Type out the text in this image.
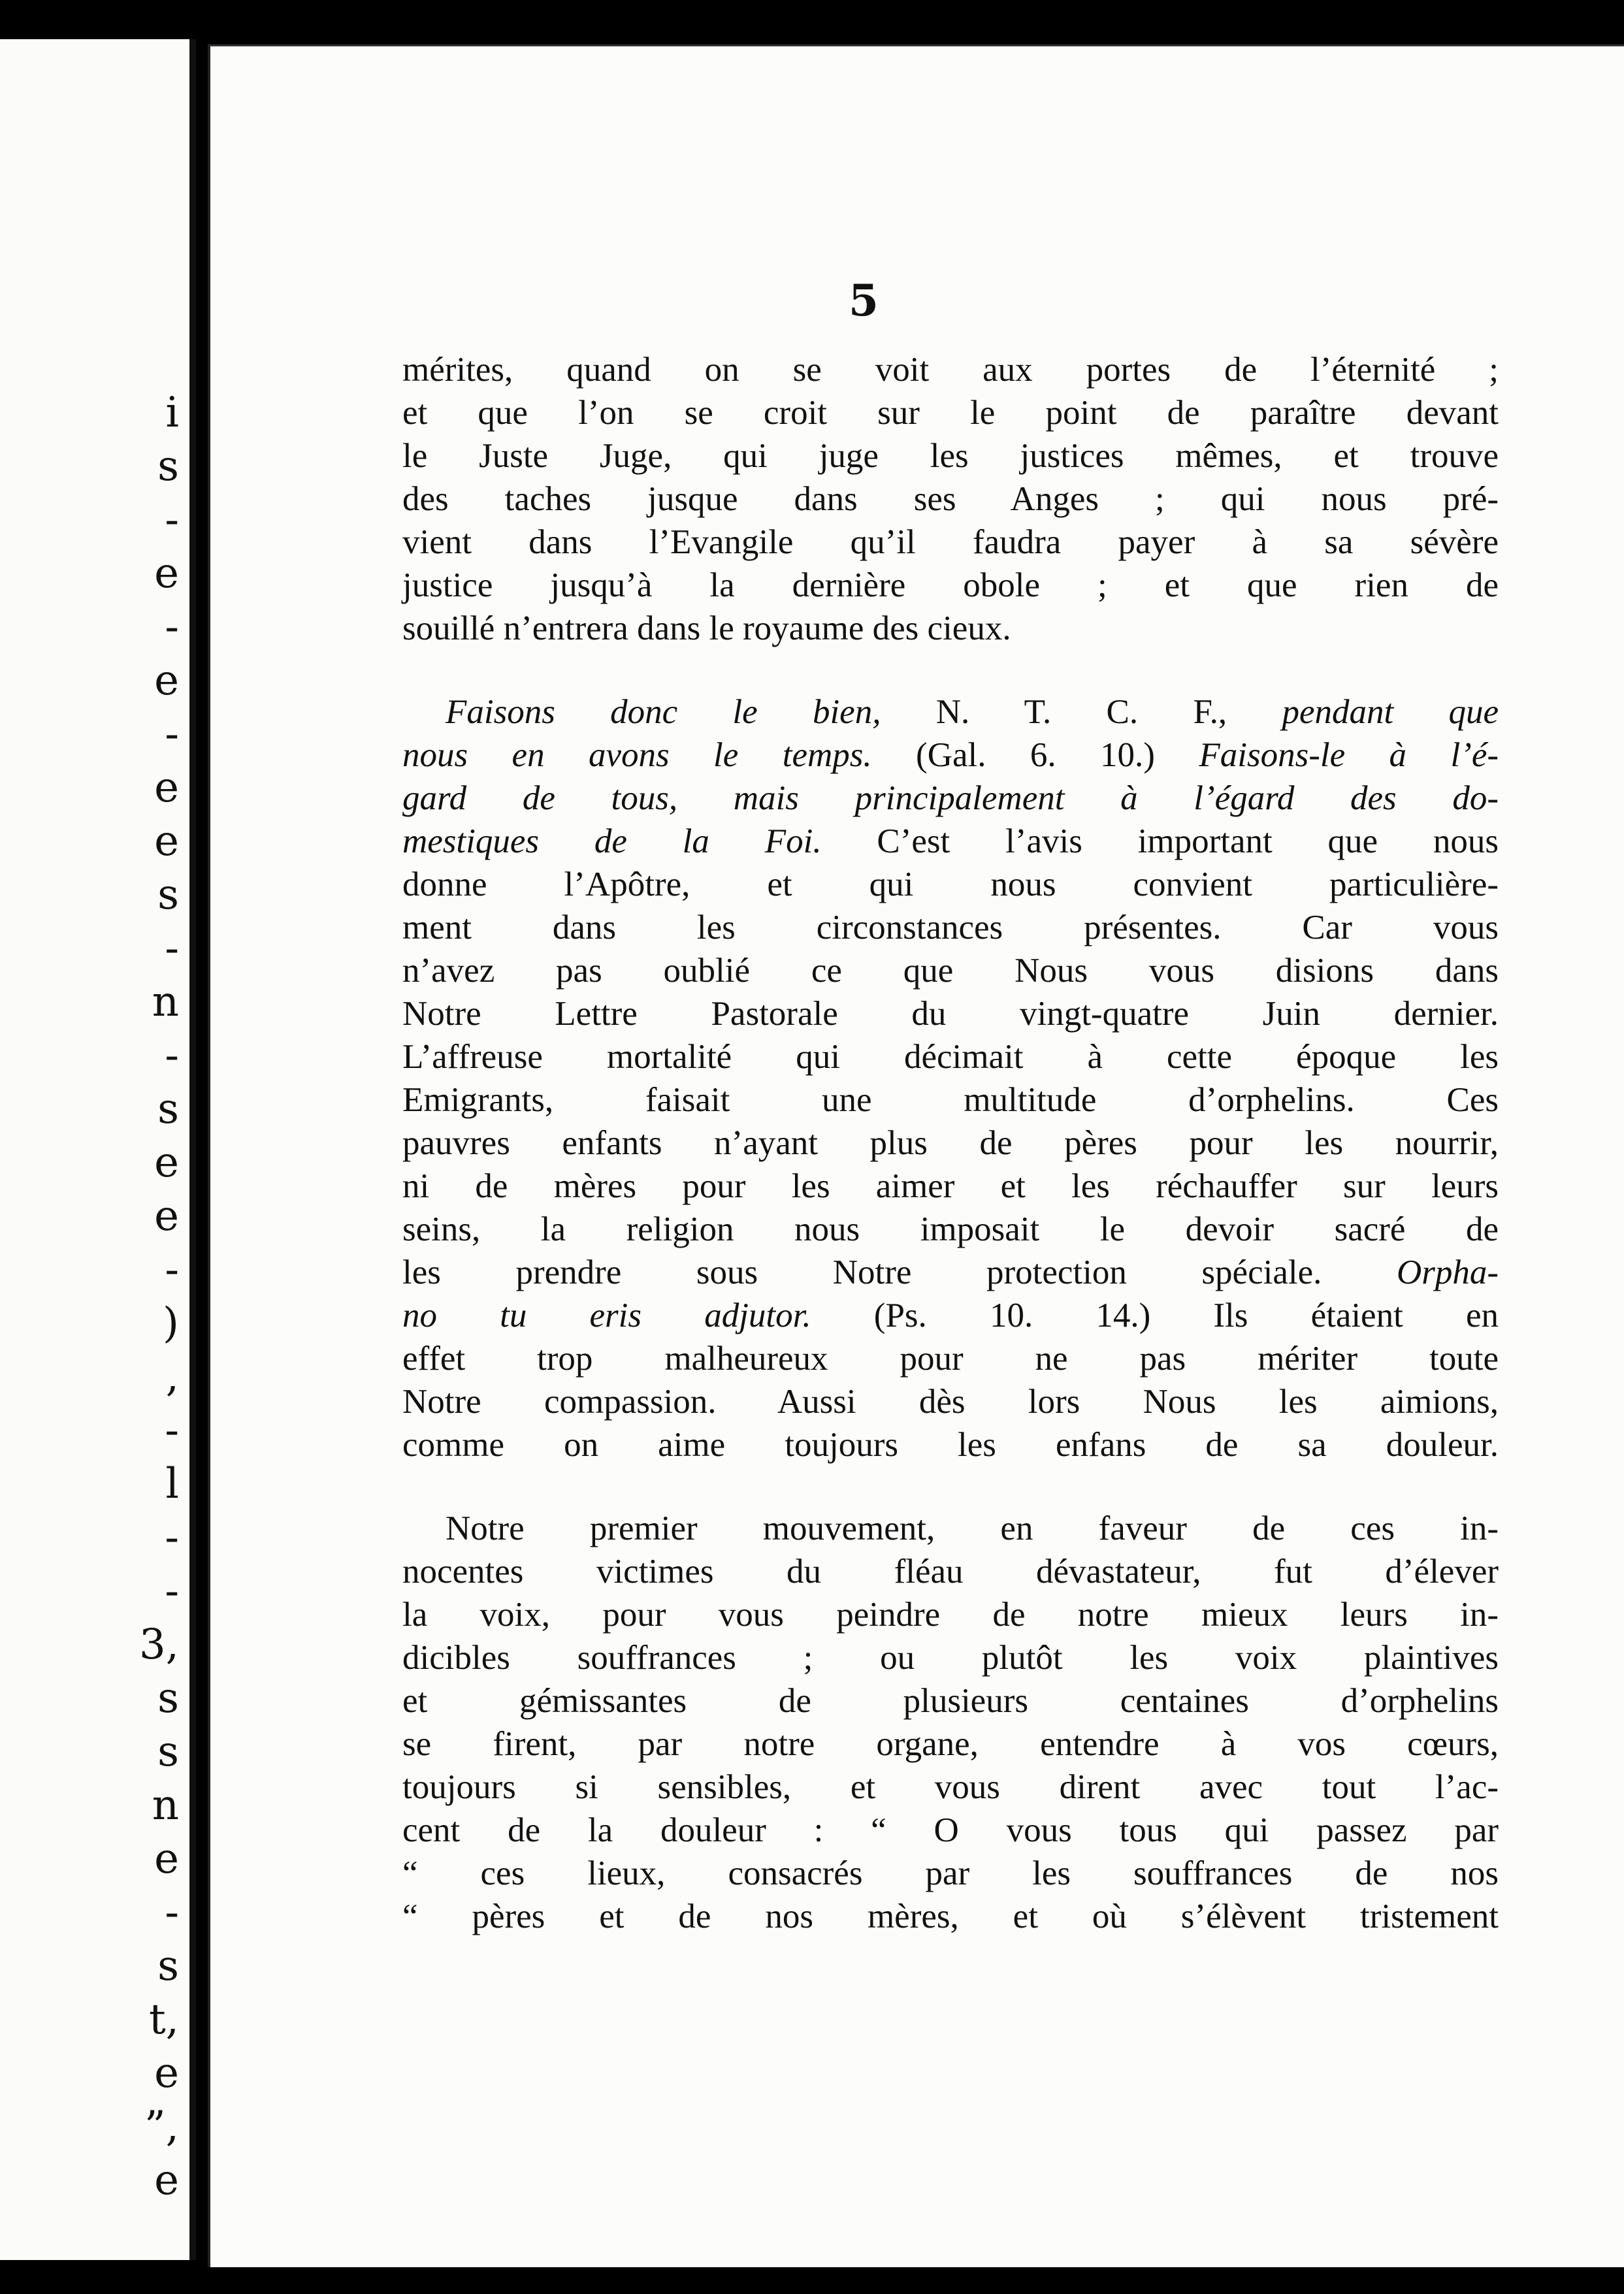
i
s
-
e
-
e
-
e
e
s
-
n
-
s
e
e
-
)
,
-
l
-
-
3,
s
s
n
e
-
s
t,
e
”,
e
5
mérites, quand on se voit aux portes de l’éternité ;
et que l’on se croit sur le point de paraître devant
le Juste Juge, qui juge les justices mêmes, et trouve
des taches jusque dans ses Anges ; qui nous pré-
vient dans l’Evangile qu’il faudra payer à sa sévère
justice jusqu’à la dernière obole ; et que rien de
souillé n’entrera dans le royaume des cieux.
Faisons donc le bien, N. T. C. F., pendant que
nous en avons le temps. (Gal. 6. 10.) Faisons-le à l’é-
gard de tous, mais principalement à l’égard des do-
mestiques de la Foi. C’est l’avis important que nous
donne l’Apôtre, et qui nous convient particulière-
ment dans les circonstances présentes. Car vous
n’avez pas oublié ce que Nous vous disions dans
Notre Lettre Pastorale du vingt-quatre Juin dernier.
L’affreuse mortalité qui décimait à cette époque les
Emigrants, faisait une multitude d’orphelins. Ces
pauvres enfants n’ayant plus de pères pour les nourrir,
ni de mères pour les aimer et les réchauffer sur leurs
seins, la religion nous imposait le devoir sacré de
les prendre sous Notre protection spéciale. Orpha-
no tu eris adjutor. (Ps. 10. 14.) Ils étaient en
effet trop malheureux pour ne pas mériter toute
Notre compassion. Aussi dès lors Nous les aimions,
comme on aime toujours les enfans de sa douleur.
Notre premier mouvement, en faveur de ces in-
nocentes victimes du fléau dévastateur, fut d’élever
la voix, pour vous peindre de notre mieux leurs in-
dicibles souffrances ; ou plutôt les voix plaintives
et gémissantes de plusieurs centaines d’orphelins
se firent, par notre organe, entendre à vos cœurs,
toujours si sensibles, et vous dirent avec tout l’ac-
cent de la douleur : “ O vous tous qui passez par
“ ces lieux, consacrés par les souffrances de nos
“ pères et de nos mères, et où s’élèvent tristement
